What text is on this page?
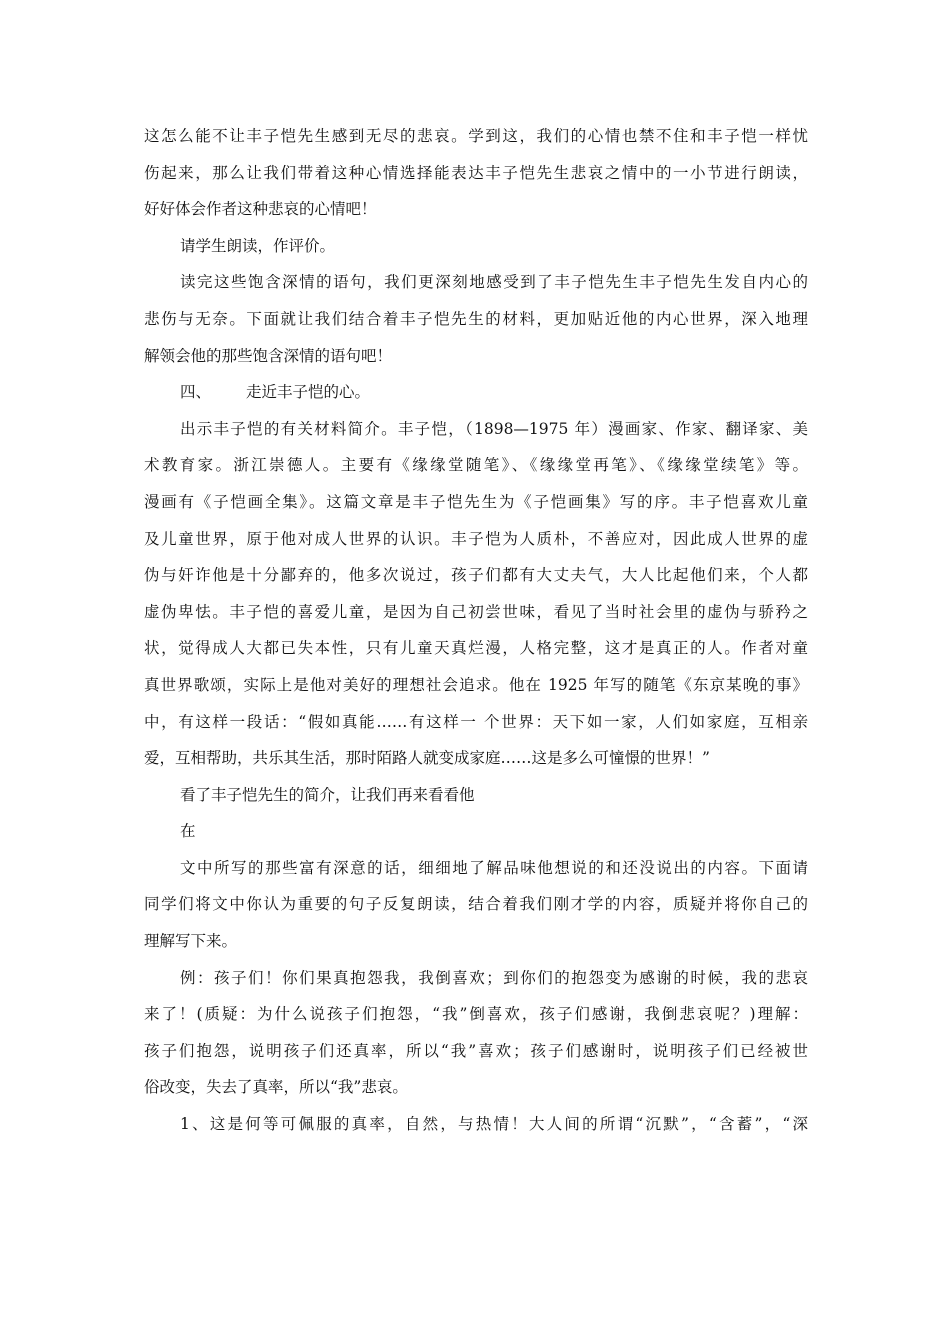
这怎么能不让丰子恺先生感到无尽的悲哀。学到这，我们的心情也禁不住和丰子恺一样忧
伤起来，那么让我们带着这种心情选择能表达丰子恺先生悲哀之情中的一小节进行朗读，
好好体会作者这种悲哀的心情吧！
请学生朗读，作评价。
读完这些饱含深情的语句，我们更深刻地感受到了丰子恺先生丰子恺先生发自内心的
悲伤与无奈。下面就让我们结合着丰子恺先生的材料，更加贴近他的内心世界，深入地理
解领会他的那些饱含深情的语句吧！
四、 走近丰子恺的心。
出示丰子恺的有关材料简介。丰子恺，（1898—1975 年）漫画家、作家、翻译家、美
术教育家。浙江崇德人。主要有《缘缘堂随笔》、《缘缘堂再笔》、《缘缘堂续笔》等。
漫画有《子恺画全集》。这篇文章是丰子恺先生为《子恺画集》写的序。丰子恺喜欢儿童
及儿童世界，原于他对成人世界的认识。丰子恺为人质朴，不善应对，因此成人世界的虚
伪与奸诈他是十分鄙弃的，他多次说过，孩子们都有大丈夫气，大人比起他们来，个人都
虚伪卑怯。丰子恺的喜爱儿童，是因为自己初尝世味，看见了当时社会里的虚伪与骄矜之
状，觉得成人大都已失本性，只有儿童天真烂漫，人格完整，这才是真正的人。作者对童
真世界歌颂，实际上是他对美好的理想社会追求。他在 1925 年写的随笔《东京某晚的事》
中，有这样一段话：“假如真能……有这样一 个世界：天下如一家，人们如家庭，互相亲
爱，互相帮助，共乐其生活，那时陌路人就变成家庭……这是多么可憧憬的世界！”
看了丰子恺先生的简介，让我们再来看看他
在
文中所写的那些富有深意的话，细细地了解品味他想说的和还没说出的内容。下面请
同学们将文中你认为重要的句子反复朗读，结合着我们刚才学的内容，质疑并将你自己的
理解写下来。
例：孩子们！你们果真抱怨我，我倒喜欢；到你们的抱怨变为感谢的时候，我的悲哀
来了！(质疑：为什么说孩子们抱怨，“我”倒喜欢，孩子们感谢，我倒悲哀呢？)理解：
孩子们抱怨，说明孩子们还真率，所以“我”喜欢；孩子们感谢时，说明孩子们已经被世
俗改变，失去了真率，所以“我”悲哀。
1、这是何等可佩服的真率，自然，与热情！大人间的所谓“沉默”，“含蓄”，“深
